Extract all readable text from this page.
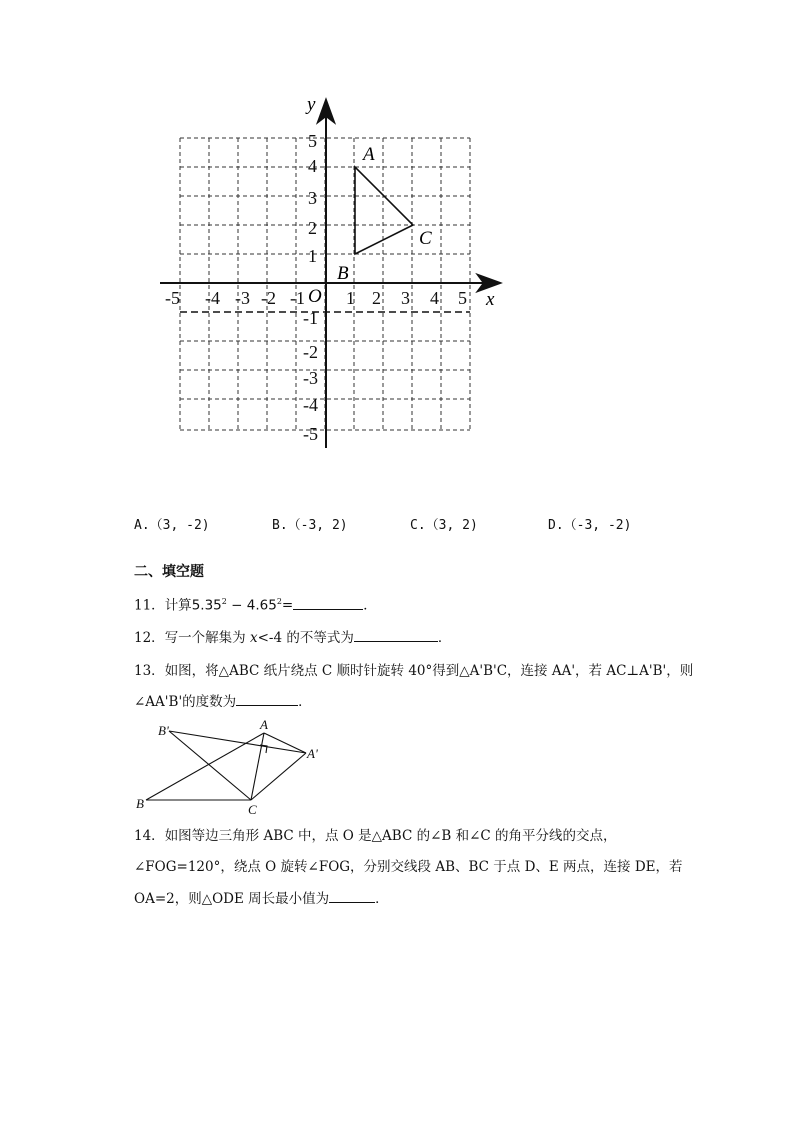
-5 -4 -3 -2 -1 1 2 3 4 5
5
4
3
2
1
-1
-2
-3
-4
-5
O	x
y
A
B
C
A.（3, -2)	B.（-3, 2)	C.（3, 2)	D.（-3, -2)
二、填空题
11．计算$5.35^2 - 4.65^2=$	．
12．写一个解集为 x<-4 的不等式为	．
13．如图，将△ABC 纸片绕点 C 顺时针旋转 40°得到△A'B'C，连接 AA'，若 AC⊥A'B'，则
∠AA'B'的度数为	．
A
B	C
A'
B'
14．如图等边三角形 ABC 中，点 O 是△ABC 的∠B 和∠C 的角平分线的交点，
∠FOG=120°，绕点 O 旋转∠FOG，分别交线段 AB、BC 于点 D、E 两点，连接 DE，若
OA=2，则△ODE 周长最小值为	．
